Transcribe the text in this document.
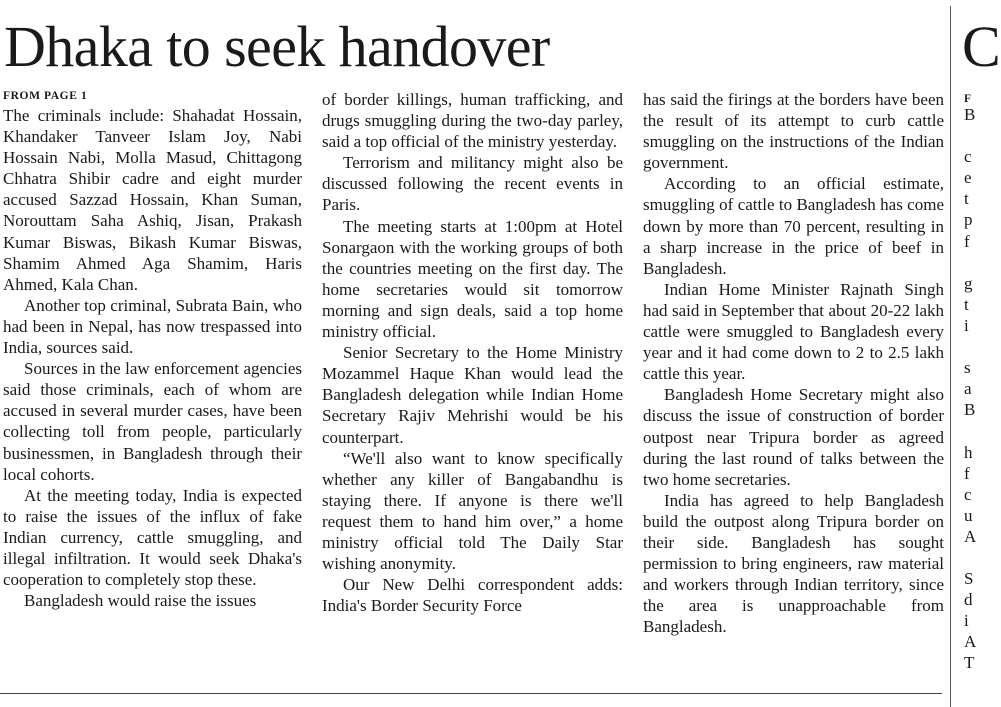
Dhaka to seek handover	C
FROM PAGE 1

The criminals include: Shahadat Hossain, Khandaker Tanveer Islam Joy, Nabi Hossain Nabi, Molla Masud, Chittagong Chhatra Shibir cadre and eight murder accused Sazzad Hossain, Khan Suman, Norouttam Saha Ashiq, Jisan, Prakash Kumar Biswas, Bikash Kumar Biswas, Shamim Ahmed Aga Shamim, Haris Ahmed, Kala Chan.

Another top criminal, Subrata Bain, who had been in Nepal, has now trespassed into India, sources said.

Sources in the law enforcement agencies said those criminals, each of whom are accused in several murder cases, have been collecting toll from people, particularly businessmen, in Bangladesh through their local cohorts.

At the meeting today, India is expected to raise the issues of the influx of fake Indian currency, cattle smuggling, and illegal infiltration. It would seek Dhaka's cooperation to completely stop these.

Bangladesh would raise the issues

of border killings, human trafficking, and drugs smuggling during the two-day parley, said a top official of the ministry yesterday.

Terrorism and militancy might also be discussed following the recent events in Paris.

The meeting starts at 1:00pm at Hotel Sonargaon with the working groups of both the countries meeting on the first day. The home secretaries would sit tomorrow morning and sign deals, said a top home ministry official.

Senior Secretary to the Home Ministry Mozammel Haque Khan would lead the Bangladesh delegation while Indian Home Secretary Rajiv Mehrishi would be his counterpart.

“We'll also want to know specifically whether any killer of Bangabandhu is staying there. If anyone is there we'll request them to hand him over,” a home ministry official told The Daily Star wishing anonymity.

Our New Delhi correspondent adds: India's Border Security Force

has said the firings at the borders have been the result of its attempt to curb cattle smuggling on the instructions of the Indian government.

According to an official estimate, smuggling of cattle to Bangladesh has come down by more than 70 percent, resulting in a sharp increase in the price of beef in Bangladesh.

Indian Home Minister Rajnath Singh had said in September that about 20-22 lakh cattle were smuggled to Bangladesh every year and it had come down to 2 to 2.5 lakh cattle this year.

Bangladesh Home Secretary might also discuss the issue of construction of border outpost near Tripura border as agreed during the last round of talks between the two home secretaries.

India has agreed to help Bangladesh build the outpost along Tripura border on their side. Bangladesh has sought permission to bring engineers, raw material and workers through Indian territory, since the area is unapproachable from Bangladesh.

F
B
c
e
t
p
f
g
t
i
s
a
B
h
f
c
u
A
S
d
i
A
T
